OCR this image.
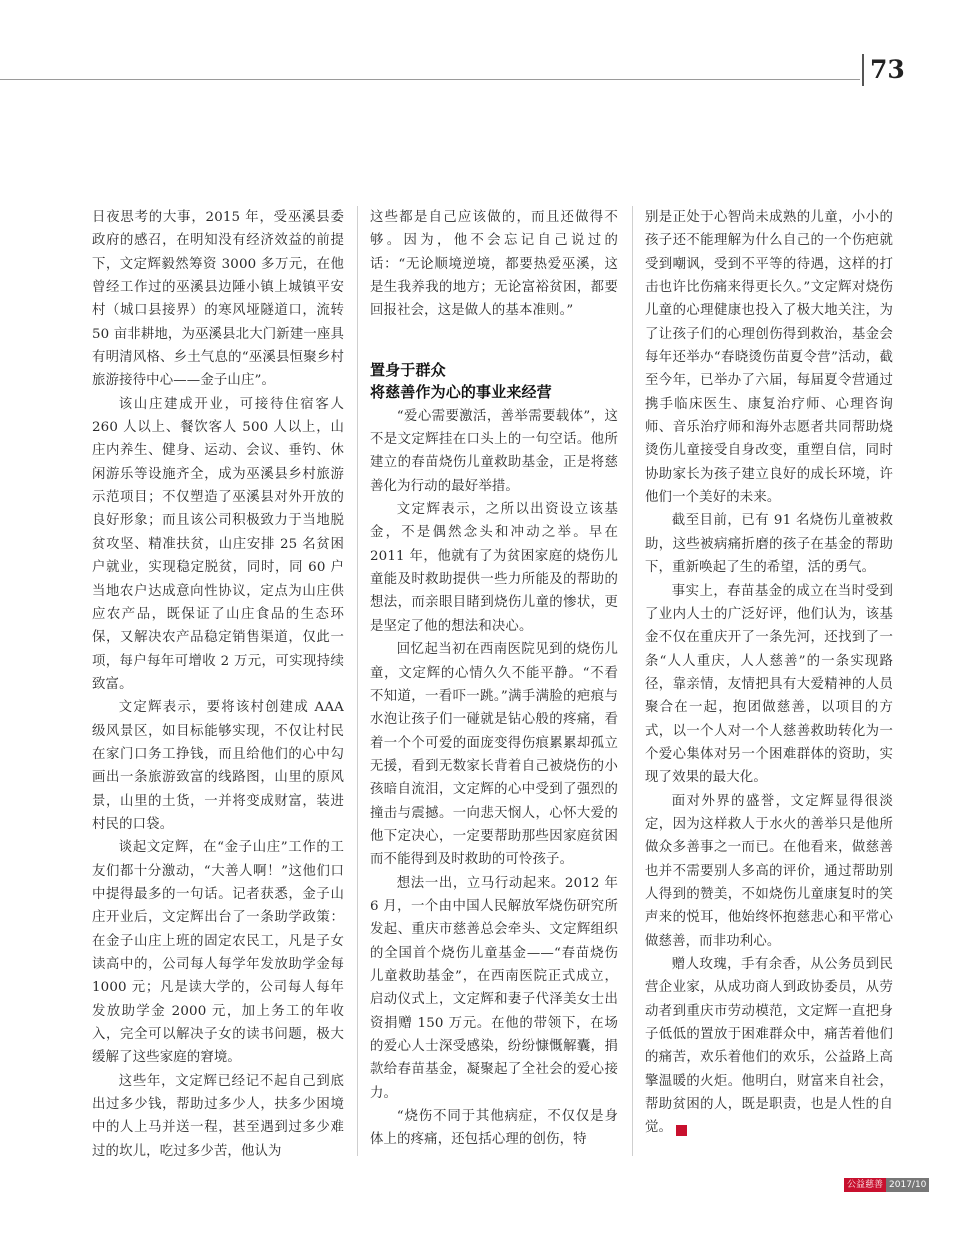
73

日夜思考的大事，2015 年，受巫溪县委政府的感召，在明知没有经济效益的前提下，文定辉毅然筹资 3000 多万元，在他曾经工作过的巫溪县边陲小镇上城镇平安村（城口县接界）的寒风垭隧道口，流转 50 亩非耕地，为巫溪县北大门新建一座具有明清风格、乡土气息的“巫溪县恒聚乡村旅游接待中心——金子山庄”。

该山庄建成开业，可接待住宿客人 260 人以上、餐饮客人 500 人以上，山庄内养生、健身、运动、会议、垂钓、休闲游乐等设施齐全，成为巫溪县乡村旅游示范项目；不仅塑造了巫溪县对外开放的良好形象；而且该公司积极致力于当地脱贫攻坚、精准扶贫，山庄安排 25 名贫困户就业，实现稳定脱贫，同时，同 60 户当地农户达成意向性协议，定点为山庄供应农产品，既保证了山庄食品的生态环保，又解决农产品稳定销售渠道，仅此一项，每户每年可增收 2 万元，可实现持续致富。

文定辉表示，要将该村创建成 AAA 级风景区，如目标能够实现，不仅让村民在家门口务工挣钱，而且给他们的心中勾画出一条旅游致富的线路图，山里的原风景，山里的土货，一并将变成财富，装进村民的口袋。

谈起文定辉，在“金子山庄”工作的工友们都十分激动，“大善人啊！”这他们口中提得最多的一句话。记者获悉，金子山庄开业后，文定辉出台了一条助学政策：在金子山庄上班的固定农民工，凡是子女读高中的，公司每人每学年发放助学金每 1000 元；凡是读大学的，公司每人每年发放助学金 2000 元，加上务工的年收入，完全可以解决子女的读书问题，极大缓解了这些家庭的窘境。

这些年，文定辉已经记不起自己到底出过多少钱，帮助过多少人，扶多少困境中的人上马并送一程，甚至遇到过多少难过的坎儿，吃过多少苦，他认为

这些都是自己应该做的，而且还做得不够。因为，他不会忘记自己说过的话：“无论顺境逆境，都要热爱巫溪，这是生我养我的地方；无论富裕贫困，都要回报社会，这是做人的基本准则。”

置身于群众
将慈善作为心的事业来经营

“爱心需要激活，善举需要载体”，这不是文定辉挂在口头上的一句空话。他所建立的春苗烧伤儿童救助基金，正是将慈善化为行动的最好举措。

文定辉表示，之所以出资设立该基金，不是偶然念头和冲动之举。早在 2011 年，他就有了为贫困家庭的烧伤儿童能及时救助提供一些力所能及的帮助的想法，而亲眼目睹到烧伤儿童的惨状，更是坚定了他的想法和决心。

回忆起当初在西南医院见到的烧伤儿童，文定辉的心情久久不能平静。“不看不知道，一看吓一跳。”满手满脸的疤痕与水泡让孩子们一碰就是钻心般的疼痛，看着一个个可爱的面庞变得伤痕累累却孤立无援，看到无数家长背着自己被烧伤的小孩暗自流泪，文定辉的心中受到了强烈的撞击与震撼。一向悲天悯人，心怀大爱的他下定决心，一定要帮助那些因家庭贫困而不能得到及时救助的可怜孩子。

想法一出，立马行动起来。2012 年 6 月，一个由中国人民解放军烧伤研究所发起、重庆市慈善总会牵头、文定辉组织的全国首个烧伤儿童基金——“春苗烧伤儿童救助基金”，在西南医院正式成立，启动仪式上，文定辉和妻子代泽美女士出资捐赠 150 万元。在他的带领下，在场的爱心人士深受感染，纷纷慷慨解囊，捐款给春苗基金，凝聚起了全社会的爱心接力。

“烧伤不同于其他病症，不仅仅是身体上的疼痛，还包括心理的创伤，特

别是正处于心智尚未成熟的儿童，小小的孩子还不能理解为什么自己的一个伤疤就受到嘲讽，受到不平等的待遇，这样的打击也许比伤痛来得更长久。”文定辉对烧伤儿童的心理健康也投入了极大地关注，为了让孩子们的心理创伤得到救治，基金会每年还举办“春晓烫伤苗夏令营”活动，截至今年，已举办了六届，每届夏令营通过携手临床医生、康复治疗师、心理咨询师、音乐治疗师和海外志愿者共同帮助烧烫伤儿童接受自身改变，重塑自信，同时协助家长为孩子建立良好的成长环境，许他们一个美好的未来。

截至目前，已有 91 名烧伤儿童被救助，这些被病痛折磨的孩子在基金的帮助下，重新唤起了生的希望，活的勇气。

事实上，春苗基金的成立在当时受到了业内人士的广泛好评，他们认为，该基金不仅在重庆开了一条先河，还找到了一条“人人重庆，人人慈善”的一条实现路径，靠亲情，友情把具有大爱精神的人员聚合在一起，抱团做慈善，以项目的方式，以一个人对一个人慈善救助转化为一个爱心集体对另一个困难群体的资助，实现了效果的最大化。

面对外界的盛誉，文定辉显得很淡定，因为这样救人于水火的善举只是他所做众多善事之一而已。在他看来，做慈善也并不需要别人多高的评价，通过帮助别人得到的赞美，不如烧伤儿童康复时的笑声来的悦耳，他始终怀抱慈悲心和平常心做慈善，而非功利心。

赠人玫瑰，手有余香，从公务员到民营企业家，从成功商人到政协委员，从劳动者到重庆市劳动模范，文定辉一直把身子低低的置放于困难群众中，痛苦着他们的痛苦，欢乐着他们的欢乐，公益路上高擎温暖的火炬。他明白，财富来自社会，帮助贫困的人，既是职责，也是人性的自觉。	✕

公益慈善 2017/10
